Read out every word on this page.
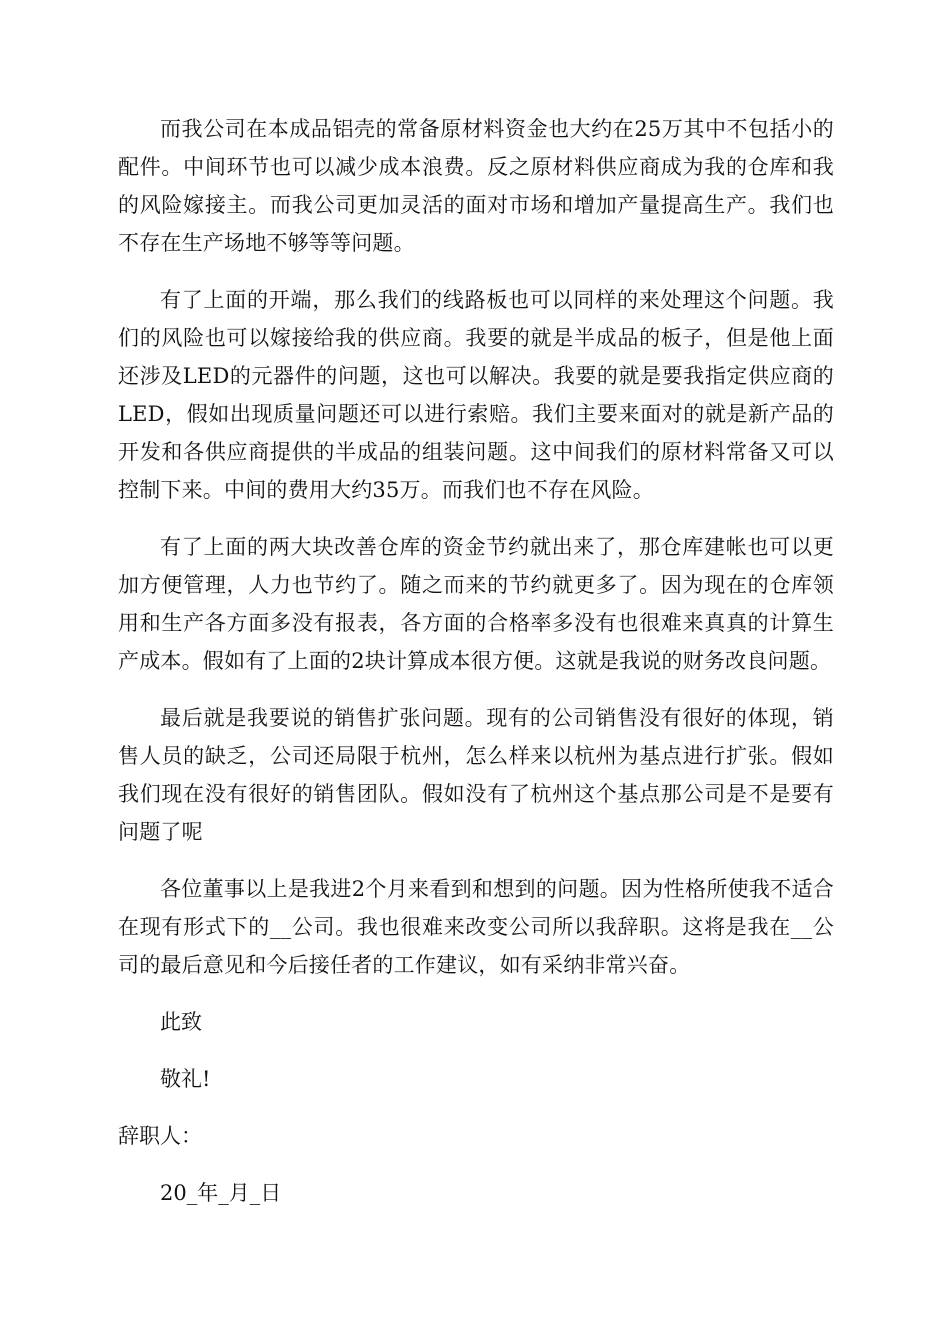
而我公司在本成品铝壳的常备原材料资金也大约在25万其中不包括小的配件。中间环节也可以减少成本浪费。反之原材料供应商成为我的仓库和我的风险嫁接主。而我公司更加灵活的面对市场和增加产量提高生产。我们也不存在生产场地不够等等问题。

有了上面的开端，那么我们的线路板也可以同样的来处理这个问题。我们的风险也可以嫁接给我的供应商。我要的就是半成品的板子，但是他上面还涉及LED的元器件的问题，这也可以解决。我要的就是要我指定供应商的LED，假如出现质量问题还可以进行索赔。我们主要来面对的就是新产品的开发和各供应商提供的半成品的组装问题。这中间我们的原材料常备又可以控制下来。中间的费用大约35万。而我们也不存在风险。

有了上面的两大块改善仓库的资金节约就出来了，那仓库建帐也可以更加方便管理，人力也节约了。随之而来的节约就更多了。因为现在的仓库领用和生产各方面多没有报表，各方面的合格率多没有也很难来真真的计算生产成本。假如有了上面的2块计算成本很方便。这就是我说的财务改良问题。

最后就是我要说的销售扩张问题。现有的公司销售没有很好的体现，销售人员的缺乏，公司还局限于杭州，怎么样来以杭州为基点进行扩张。假如我们现在没有很好的销售团队。假如没有了杭州这个基点那公司是不是要有问题了呢

各位董事以上是我进2个月来看到和想到的问题。因为性格所使我不适合在现有形式下的__公司。我也很难来改变公司所以我辞职。这将是我在__公司的最后意见和今后接任者的工作建议，如有采纳非常兴奋。

此致

敬礼!

辞职人：

20_年_月_日
